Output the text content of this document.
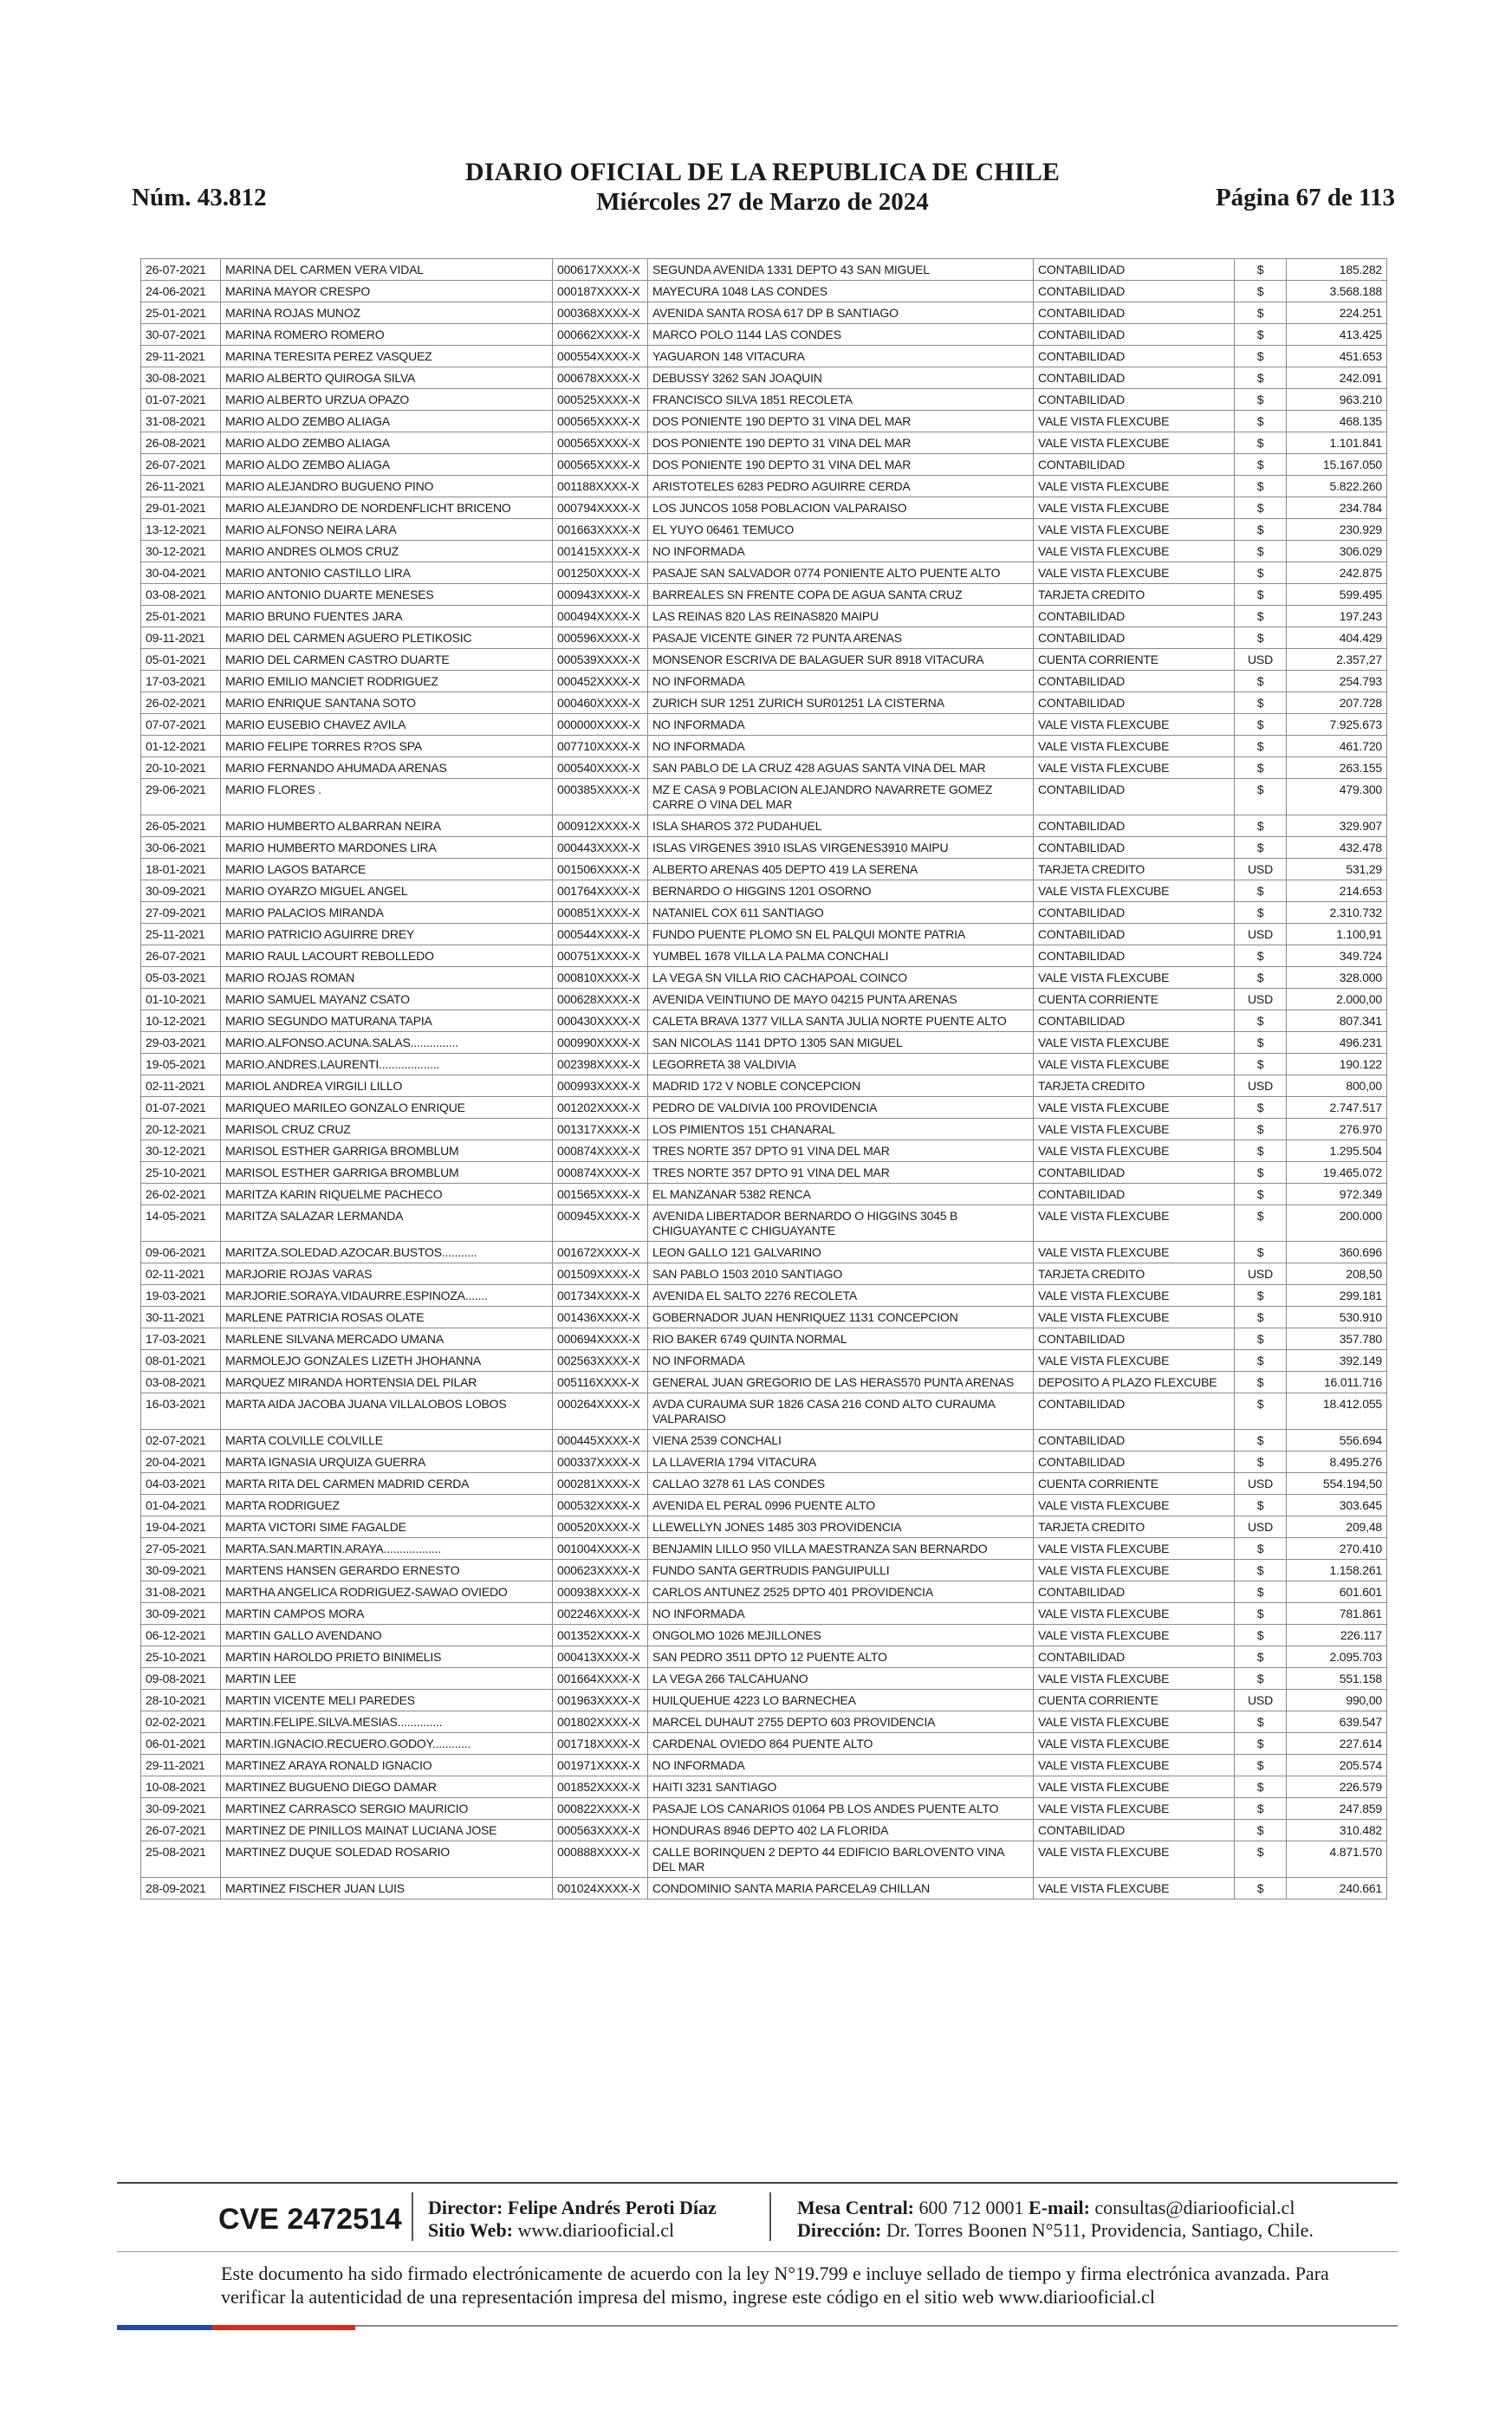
Núm. 43.812
DIARIO OFICIAL DE LA REPUBLICA DE CHILE
Miércoles 27 de Marzo de 2024	Página 67 de 113
26-07-2021	MARINA DEL CARMEN VERA VIDAL	000617XXXX-X	SEGUNDA AVENIDA 1331 DEPTO 43 SAN MIGUEL	CONTABILIDAD	$	185.282
24-06-2021	MARINA MAYOR CRESPO	000187XXXX-X	MAYECURA 1048 LAS CONDES	CONTABILIDAD	$	3.568.188
25-01-2021	MARINA ROJAS MUNOZ	000368XXXX-X	AVENIDA SANTA ROSA 617 DP B SANTIAGO	CONTABILIDAD	$	224.251
30-07-2021	MARINA ROMERO ROMERO	000662XXXX-X	MARCO POLO 1144 LAS CONDES	CONTABILIDAD	$	413.425
29-11-2021	MARINA TERESITA PEREZ VASQUEZ	000554XXXX-X	YAGUARON 148 VITACURA	CONTABILIDAD	$	451.653
30-08-2021	MARIO ALBERTO QUIROGA SILVA	000678XXXX-X	DEBUSSY 3262 SAN JOAQUIN	CONTABILIDAD	$	242.091
01-07-2021	MARIO ALBERTO URZUA OPAZO	000525XXXX-X	FRANCISCO SILVA 1851 RECOLETA	CONTABILIDAD	$	963.210
31-08-2021	MARIO ALDO ZEMBO ALIAGA	000565XXXX-X	DOS PONIENTE 190 DEPTO 31 VINA DEL MAR	VALE VISTA FLEXCUBE	$	468.135
26-08-2021	MARIO ALDO ZEMBO ALIAGA	000565XXXX-X	DOS PONIENTE 190 DEPTO 31 VINA DEL MAR	VALE VISTA FLEXCUBE	$	1.101.841
26-07-2021	MARIO ALDO ZEMBO ALIAGA	000565XXXX-X	DOS PONIENTE 190 DEPTO 31 VINA DEL MAR	CONTABILIDAD	$	15.167.050
26-11-2021	MARIO ALEJANDRO BUGUENO PINO	001188XXXX-X	ARISTOTELES 6283 PEDRO AGUIRRE CERDA	VALE VISTA FLEXCUBE	$	5.822.260
29-01-2021	MARIO ALEJANDRO DE NORDENFLICHT BRICENO	000794XXXX-X	LOS JUNCOS 1058 POBLACION VALPARAISO	VALE VISTA FLEXCUBE	$	234.784
13-12-2021	MARIO ALFONSO NEIRA LARA	001663XXXX-X	EL YUYO 06461 TEMUCO	VALE VISTA FLEXCUBE	$	230.929
30-12-2021	MARIO ANDRES OLMOS CRUZ	001415XXXX-X	NO INFORMADA	VALE VISTA FLEXCUBE	$	306.029
30-04-2021	MARIO ANTONIO CASTILLO LIRA	001250XXXX-X	PASAJE SAN SALVADOR 0774 PONIENTE ALTO PUENTE ALTO	VALE VISTA FLEXCUBE	$	242.875
03-08-2021	MARIO ANTONIO DUARTE MENESES	000943XXXX-X	BARREALES SN FRENTE COPA DE AGUA SANTA CRUZ	TARJETA CREDITO	$	599.495
25-01-2021	MARIO BRUNO FUENTES JARA	000494XXXX-X	LAS REINAS 820 LAS REINAS820 MAIPU	CONTABILIDAD	$	197.243
09-11-2021	MARIO DEL CARMEN AGUERO PLETIKOSIC	000596XXXX-X	PASAJE VICENTE GINER 72 PUNTA ARENAS	CONTABILIDAD	$	404.429
05-01-2021	MARIO DEL CARMEN CASTRO DUARTE	000539XXXX-X	MONSENOR ESCRIVA DE BALAGUER SUR 8918 VITACURA	CUENTA CORRIENTE	USD	2.357,27
17-03-2021	MARIO EMILIO MANCIET RODRIGUEZ	000452XXXX-X	NO INFORMADA	CONTABILIDAD	$	254.793
26-02-2021	MARIO ENRIQUE SANTANA SOTO	000460XXXX-X	ZURICH SUR 1251 ZURICH SUR01251 LA CISTERNA	CONTABILIDAD	$	207.728
07-07-2021	MARIO EUSEBIO CHAVEZ AVILA	000000XXXX-X	NO INFORMADA	VALE VISTA FLEXCUBE	$	7.925.673
01-12-2021	MARIO FELIPE TORRES R?OS SPA	007710XXXX-X	NO INFORMADA	VALE VISTA FLEXCUBE	$	461.720
20-10-2021	MARIO FERNANDO AHUMADA ARENAS	000540XXXX-X	SAN PABLO DE LA CRUZ 428 AGUAS SANTA VINA DEL MAR	VALE VISTA FLEXCUBE	$	263.155
29-06-2021	MARIO FLORES .	000385XXXX-X	MZ E CASA 9 POBLACION ALEJANDRO NAVARRETE GOMEZ CARRE O VINA DEL MAR	CONTABILIDAD	$	479.300
26-05-2021	MARIO HUMBERTO ALBARRAN NEIRA	000912XXXX-X	ISLA SHAROS 372 PUDAHUEL	CONTABILIDAD	$	329.907
30-06-2021	MARIO HUMBERTO MARDONES LIRA	000443XXXX-X	ISLAS VIRGENES 3910 ISLAS VIRGENES3910 MAIPU	CONTABILIDAD	$	432.478
18-01-2021	MARIO LAGOS BATARCE	001506XXXX-X	ALBERTO ARENAS 405 DEPTO 419 LA SERENA	TARJETA CREDITO	USD	531,29
30-09-2021	MARIO OYARZO MIGUEL ANGEL	001764XXXX-X	BERNARDO O HIGGINS 1201 OSORNO	VALE VISTA FLEXCUBE	$	214.653
27-09-2021	MARIO PALACIOS MIRANDA	000851XXXX-X	NATANIEL COX 611 SANTIAGO	CONTABILIDAD	$	2.310.732
25-11-2021	MARIO PATRICIO AGUIRRE DREY	000544XXXX-X	FUNDO PUENTE PLOMO SN EL PALQUI MONTE PATRIA	CONTABILIDAD	USD	1.100,91
26-07-2021	MARIO RAUL LACOURT REBOLLEDO	000751XXXX-X	YUMBEL 1678 VILLA LA PALMA CONCHALI	CONTABILIDAD	$	349.724
05-03-2021	MARIO ROJAS ROMAN	000810XXXX-X	LA VEGA SN VILLA RIO CACHAPOAL COINCO	VALE VISTA FLEXCUBE	$	328.000
01-10-2021	MARIO SAMUEL MAYANZ CSATO	000628XXXX-X	AVENIDA VEINTIUNO DE MAYO 04215 PUNTA ARENAS	CUENTA CORRIENTE	USD	2.000,00
10-12-2021	MARIO SEGUNDO MATURANA TAPIA	000430XXXX-X	CALETA BRAVA 1377 VILLA SANTA JULIA NORTE PUENTE ALTO	CONTABILIDAD	$	807.341
29-03-2021	MARIO.ALFONSO.ACUNA.SALAS...............	000990XXXX-X	SAN NICOLAS 1141 DPTO 1305 SAN MIGUEL	VALE VISTA FLEXCUBE	$	496.231
19-05-2021	MARIO.ANDRES.LAURENTI...................	002398XXXX-X	LEGORRETA 38 VALDIVIA	VALE VISTA FLEXCUBE	$	190.122
02-11-2021	MARIOL ANDREA VIRGILI LILLO	000993XXXX-X	MADRID 172 V NOBLE CONCEPCION	TARJETA CREDITO	USD	800,00
01-07-2021	MARIQUEO MARILEO GONZALO ENRIQUE	001202XXXX-X	PEDRO DE VALDIVIA 100 PROVIDENCIA	VALE VISTA FLEXCUBE	$	2.747.517
20-12-2021	MARISOL CRUZ CRUZ	001317XXXX-X	LOS PIMIENTOS 151 CHANARAL	VALE VISTA FLEXCUBE	$	276.970
30-12-2021	MARISOL ESTHER GARRIGA BROMBLUM	000874XXXX-X	TRES NORTE 357 DPTO 91 VINA DEL MAR	VALE VISTA FLEXCUBE	$	1.295.504
25-10-2021	MARISOL ESTHER GARRIGA BROMBLUM	000874XXXX-X	TRES NORTE 357 DPTO 91 VINA DEL MAR	CONTABILIDAD	$	19.465.072
26-02-2021	MARITZA KARIN RIQUELME PACHECO	001565XXXX-X	EL MANZANAR 5382 RENCA	CONTABILIDAD	$	972.349
14-05-2021	MARITZA SALAZAR LERMANDA	000945XXXX-X	AVENIDA LIBERTADOR BERNARDO O HIGGINS 3045 B CHIGUAYANTE C CHIGUAYANTE	VALE VISTA FLEXCUBE	$	200.000
09-06-2021	MARITZA.SOLEDAD.AZOCAR.BUSTOS...........	001672XXXX-X	LEON GALLO 121 GALVARINO	VALE VISTA FLEXCUBE	$	360.696
02-11-2021	MARJORIE ROJAS VARAS	001509XXXX-X	SAN PABLO 1503 2010 SANTIAGO	TARJETA CREDITO	USD	208,50
19-03-2021	MARJORIE.SORAYA.VIDAURRE.ESPINOZA.......	001734XXXX-X	AVENIDA EL SALTO 2276 RECOLETA	VALE VISTA FLEXCUBE	$	299.181
30-11-2021	MARLENE PATRICIA ROSAS OLATE	001436XXXX-X	GOBERNADOR JUAN HENRIQUEZ 1131 CONCEPCION	VALE VISTA FLEXCUBE	$	530.910
17-03-2021	MARLENE SILVANA MERCADO UMANA	000694XXXX-X	RIO BAKER 6749 QUINTA NORMAL	CONTABILIDAD	$	357.780
08-01-2021	MARMOLEJO GONZALES LIZETH JHOHANNA	002563XXXX-X	NO INFORMADA	VALE VISTA FLEXCUBE	$	392.149
03-08-2021	MARQUEZ MIRANDA HORTENSIA DEL PILAR	005116XXXX-X	GENERAL JUAN GREGORIO DE LAS HERAS570 PUNTA ARENAS	DEPOSITO A PLAZO FLEXCUBE	$	16.011.716
16-03-2021	MARTA AIDA JACOBA JUANA VILLALOBOS LOBOS	000264XXXX-X	AVDA CURAUMA SUR 1826 CASA 216 COND ALTO CURAUMA VALPARAISO	CONTABILIDAD	$	18.412.055
02-07-2021	MARTA COLVILLE COLVILLE	000445XXXX-X	VIENA 2539 CONCHALI	CONTABILIDAD	$	556.694
20-04-2021	MARTA IGNASIA URQUIZA GUERRA	000337XXXX-X	LA LLAVERIA 1794 VITACURA	CONTABILIDAD	$	8.495.276
04-03-2021	MARTA RITA DEL CARMEN MADRID CERDA	000281XXXX-X	CALLAO 3278 61 LAS CONDES	CUENTA CORRIENTE	USD	554.194,50
01-04-2021	MARTA RODRIGUEZ	000532XXXX-X	AVENIDA EL PERAL 0996 PUENTE ALTO	VALE VISTA FLEXCUBE	$	303.645
19-04-2021	MARTA VICTORI SIME FAGALDE	000520XXXX-X	LLEWELLYN JONES 1485 303 PROVIDENCIA	TARJETA CREDITO	USD	209,48
27-05-2021	MARTA.SAN.MARTIN.ARAYA..................	001004XXXX-X	BENJAMIN LILLO 950 VILLA MAESTRANZA SAN BERNARDO	VALE VISTA FLEXCUBE	$	270.410
30-09-2021	MARTENS HANSEN GERARDO ERNESTO	000623XXXX-X	FUNDO SANTA GERTRUDIS PANGUIPULLI	VALE VISTA FLEXCUBE	$	1.158.261
31-08-2021	MARTHA ANGELICA RODRIGUEZ-SAWAO OVIEDO	000938XXXX-X	CARLOS ANTUNEZ 2525 DPTO 401 PROVIDENCIA	CONTABILIDAD	$	601.601
30-09-2021	MARTIN CAMPOS MORA	002246XXXX-X	NO INFORMADA	VALE VISTA FLEXCUBE	$	781.861
06-12-2021	MARTIN GALLO AVENDANO	001352XXXX-X	ONGOLMO 1026 MEJILLONES	VALE VISTA FLEXCUBE	$	226.117
25-10-2021	MARTIN HAROLDO PRIETO BINIMELIS	000413XXXX-X	SAN PEDRO 3511 DPTO 12 PUENTE ALTO	CONTABILIDAD	$	2.095.703
09-08-2021	MARTIN LEE	001664XXXX-X	LA VEGA 266 TALCAHUANO	VALE VISTA FLEXCUBE	$	551.158
28-10-2021	MARTIN VICENTE MELI PAREDES	001963XXXX-X	HUILQUEHUE 4223 LO BARNECHEA	CUENTA CORRIENTE	USD	990,00
02-02-2021	MARTIN.FELIPE.SILVA.MESIAS..............	001802XXXX-X	MARCEL DUHAUT 2755 DEPTO 603 PROVIDENCIA	VALE VISTA FLEXCUBE	$	639.547
06-01-2021	MARTIN.IGNACIO.RECUERO.GODOY............	001718XXXX-X	CARDENAL OVIEDO 864 PUENTE ALTO	VALE VISTA FLEXCUBE	$	227.614
29-11-2021	MARTINEZ ARAYA RONALD IGNACIO	001971XXXX-X	NO INFORMADA	VALE VISTA FLEXCUBE	$	205.574
10-08-2021	MARTINEZ BUGUENO DIEGO DAMAR	001852XXXX-X	HAITI 3231 SANTIAGO	VALE VISTA FLEXCUBE	$	226.579
30-09-2021	MARTINEZ CARRASCO SERGIO MAURICIO	000822XXXX-X	PASAJE LOS CANARIOS 01064 PB LOS ANDES PUENTE ALTO	VALE VISTA FLEXCUBE	$	247.859
26-07-2021	MARTINEZ DE PINILLOS MAINAT LUCIANA JOSE	000563XXXX-X	HONDURAS 8946 DEPTO 402 LA FLORIDA	CONTABILIDAD	$	310.482
25-08-2021	MARTINEZ DUQUE SOLEDAD ROSARIO	000888XXXX-X	CALLE BORINQUEN 2 DEPTO 44 EDIFICIO BARLOVENTO VINA DEL MAR	VALE VISTA FLEXCUBE	$	4.871.570
28-09-2021	MARTINEZ FISCHER JUAN LUIS	001024XXXX-X	CONDOMINIO SANTA MARIA PARCELA9 CHILLAN	VALE VISTA FLEXCUBE	$	240.661
CVE 2472514 Director: Felipe Andrés Peroti Díaz
Sitio Web: www.diariooficial.cl
Mesa Central: 600 712 0001 E-mail: consultas@diariooficial.cl
Dirección: Dr. Torres Boonen N°511, Providencia, Santiago, Chile.
Este documento ha sido firmado electrónicamente de acuerdo con la ley N°19.799 e incluye sellado de tiempo y firma electrónica avanzada. Para verificar la autenticidad de una representación impresa del mismo, ingrese este código en el sitio web www.diariooficial.cl
